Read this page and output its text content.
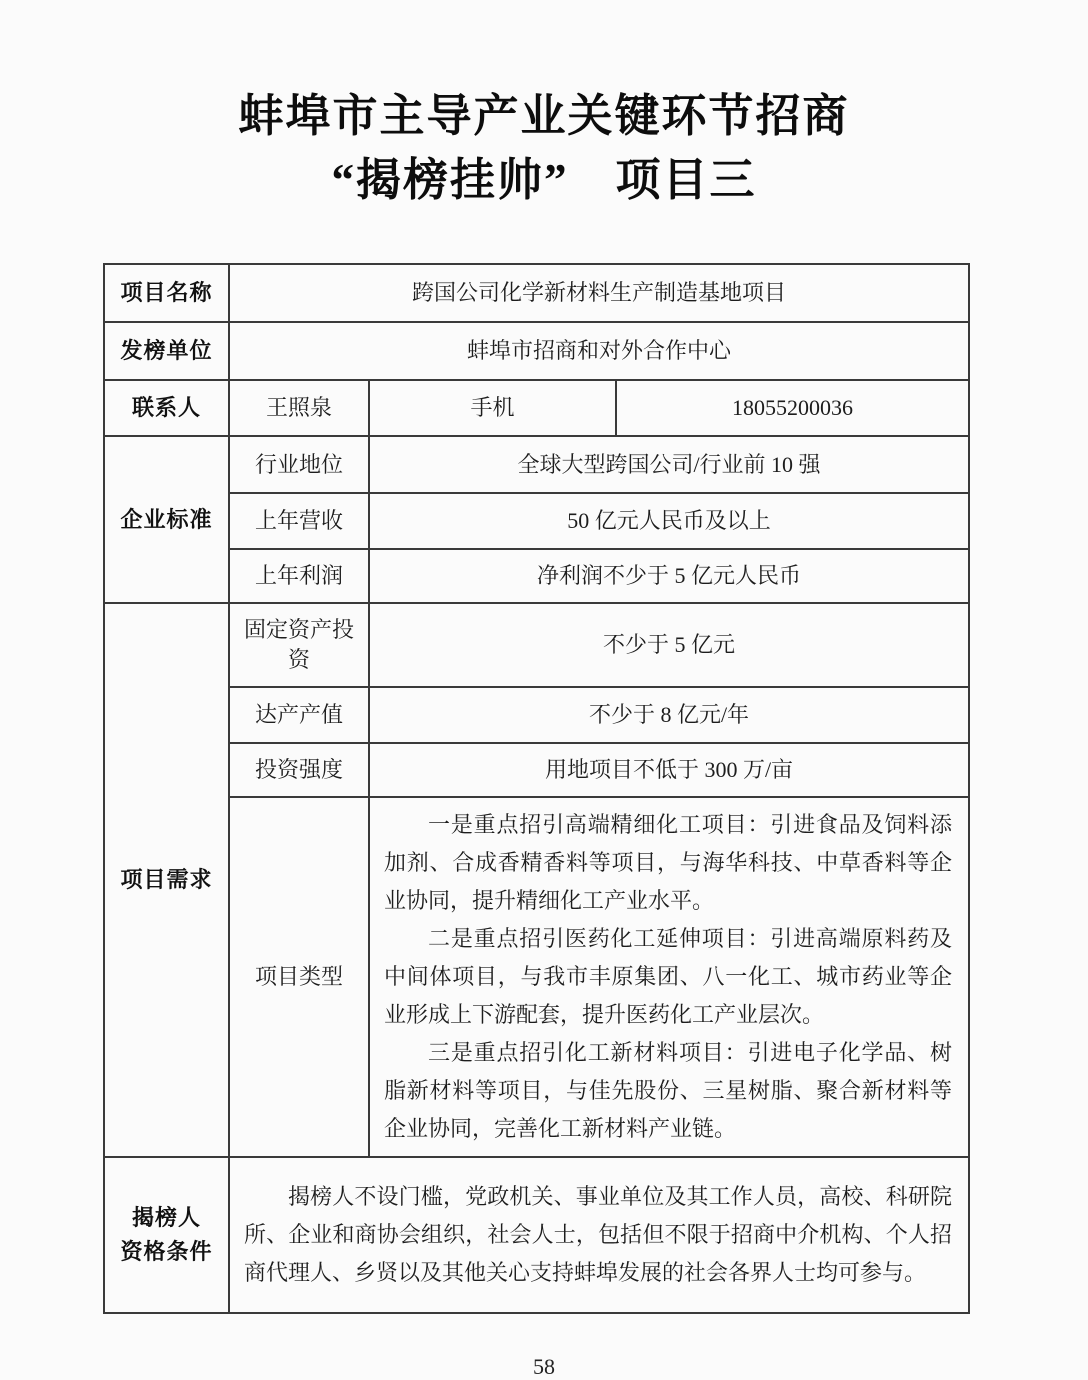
蚌埠市主导产业关键环节招商
“揭榜挂帅”　项目三
项目名称	跨国公司化学新材料生产制造基地项目		
发榜单位	蚌埠市招商和对外合作中心		
联系人	王照泉	手机	18055200036
企业标准	行业地位	全球大型跨国公司/行业前 10 强	
	上年营收	50 亿元人民币及以上	
	上年利润	净利润不少于 5 亿元人民币	
项目需求	固定资产投资	不少于 5 亿元	
	达产产值	不少于 8 亿元/年	
	投资强度	用地项目不低于 300 万/亩	
	项目类型	一是重点招引高端精细化工项目：引进食品及饲料添加剂、合成香精香料等项目，与海华科技、中草香料等企业协同，提升精细化工产业水平。

二是重点招引医药化工延伸项目：引进高端原料药及中间体项目，与我市丰原集团、八一化工、城市药业等企业形成上下游配套，提升医药化工产业层次。

三是重点招引化工新材料项目：引进电子化学品、树脂新材料等项目，与佳先股份、三星树脂、聚合新材料等企业协同，完善化工新材料产业链。	

揭榜人
资格条件	揭榜人不设门槛，党政机关、事业单位及其工作人员，高校、科研院所、企业和商协会组织，社会人士，包括但不限于招商中介机构、个人招商代理人、乡贤以及其他关心支持蚌埠发展的社会各界人士均可参与。		

58
